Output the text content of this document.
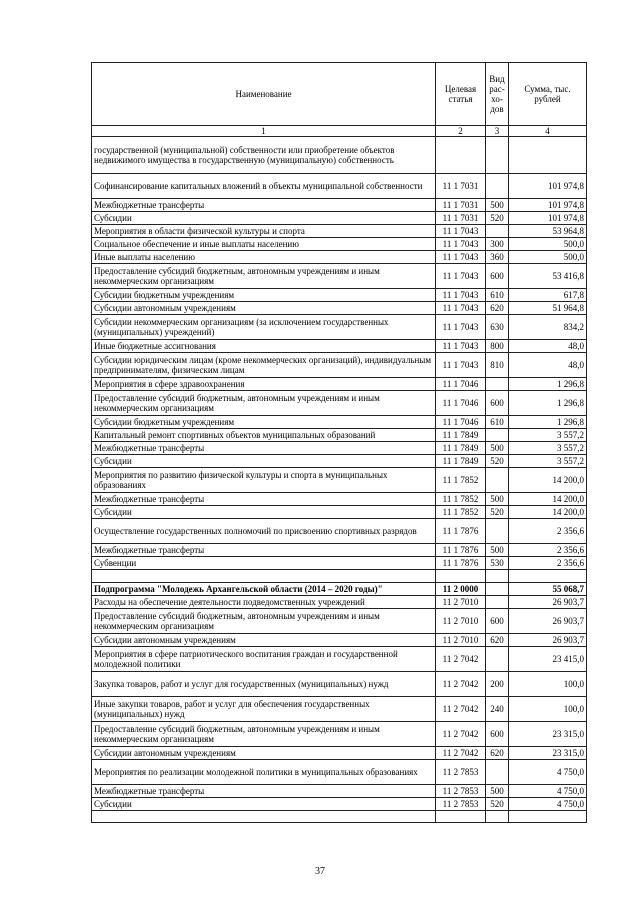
Наименование	Целевая статья	Вид рас-хо-дов	Сумма, тыс. рублей
1	2	3	4
государственной (муниципальной) собственности или приобретение объектов недвижимого имущества в государственную (муниципальную) собственность			
Софинансирование капитальных вложений в объекты муниципальной собственности	11 1 7031		101 974,8
Межбюджетные трансферты	11 1 7031	500	101 974,8
Субсидии	11 1 7031	520	101 974,8
Мероприятия в области физической культуры и спорта	11 1 7043		53 964,8
Социальное обеспечение и иные выплаты населению	11 1 7043	300	500,0
Иные выплаты населению	11 1 7043	360	500,0
Предоставление субсидий бюджетным, автономным учреждениям и иным некоммерческим организациям	11 1 7043	600	53 416,8
Субсидии бюджетным учреждениям	11 1 7043	610	617,8
Субсидии автономным учреждениям	11 1 7043	620	51 964,8
Субсидии некоммерческим организациям (за исключением государственных (муниципальных) учреждений)	11 1 7043	630	834,2
Иные бюджетные ассигнования	11 1 7043	800	48,0
Субсидии юридическим лицам (кроме некоммерческих организаций), индивидуальным предпринимателям, физическим лицам	11 1 7043	810	48,0
Мероприятия в сфере здравоохранения	11 1 7046		1 296,8
Предоставление субсидий бюджетным, автономным учреждениям и иным некоммерческим организациям	11 1 7046	600	1 296,8
Субсидии бюджетным учреждениям	11 1 7046	610	1 296,8
Капитальный ремонт спортивных объектов муниципальных образований	11 1 7849		3 557,2
Межбюджетные трансферты	11 1 7849	500	3 557,2
Субсидии	11 1 7849	520	3 557,2
Мероприятия по развитию физической культуры и спорта в муниципальных образованиях	11 1 7852		14 200,0
Межбюджетные трансферты	11 1 7852	500	14 200,0
Субсидии	11 1 7852	520	14 200,0
Осуществление государственных полномочий по присвоению спортивных разрядов	11 1 7876		2 356,6
Межбюджетные трансферты	11 1 7876	500	2 356,6
Субвенции	11 1 7876	530	2 356,6

Подпрограмма "Молодежь Архангельской области (2014 – 2020 годы)"	11 2 0000		55 068,7
Расходы на обеспечение деятельности подведомственных учреждений	11 2 7010		26 903,7
Предоставление субсидий бюджетным, автономным учреждениям и иным некоммерческим организациям	11 2 7010	600	26 903,7
Субсидии автономным учреждениям	11 2 7010	620	26 903,7
Мероприятия в сфере патриотического воспитания граждан и государственной молодежной политики	11 2 7042		23 415,0
Закупка товаров, работ и услуг для государственных (муниципальных) нужд	11 2 7042	200	100,0
Иные закупки товаров, работ и услуг для обеспечения государственных (муниципальных) нужд	11 2 7042	240	100,0
Предоставление субсидий бюджетным, автономным учреждениям и иным некоммерческим организациям	11 2 7042	600	23 315,0
Субсидии автономным учреждениям	11 2 7042	620	23 315,0
Мероприятия по реализации молодежной политики в муниципальных образованиях	11 2 7853		4 750,0
Межбюджетные трансферты	11 2 7853	500	4 750,0
Субсидии	11 2 7853	520	4 750,0

37
